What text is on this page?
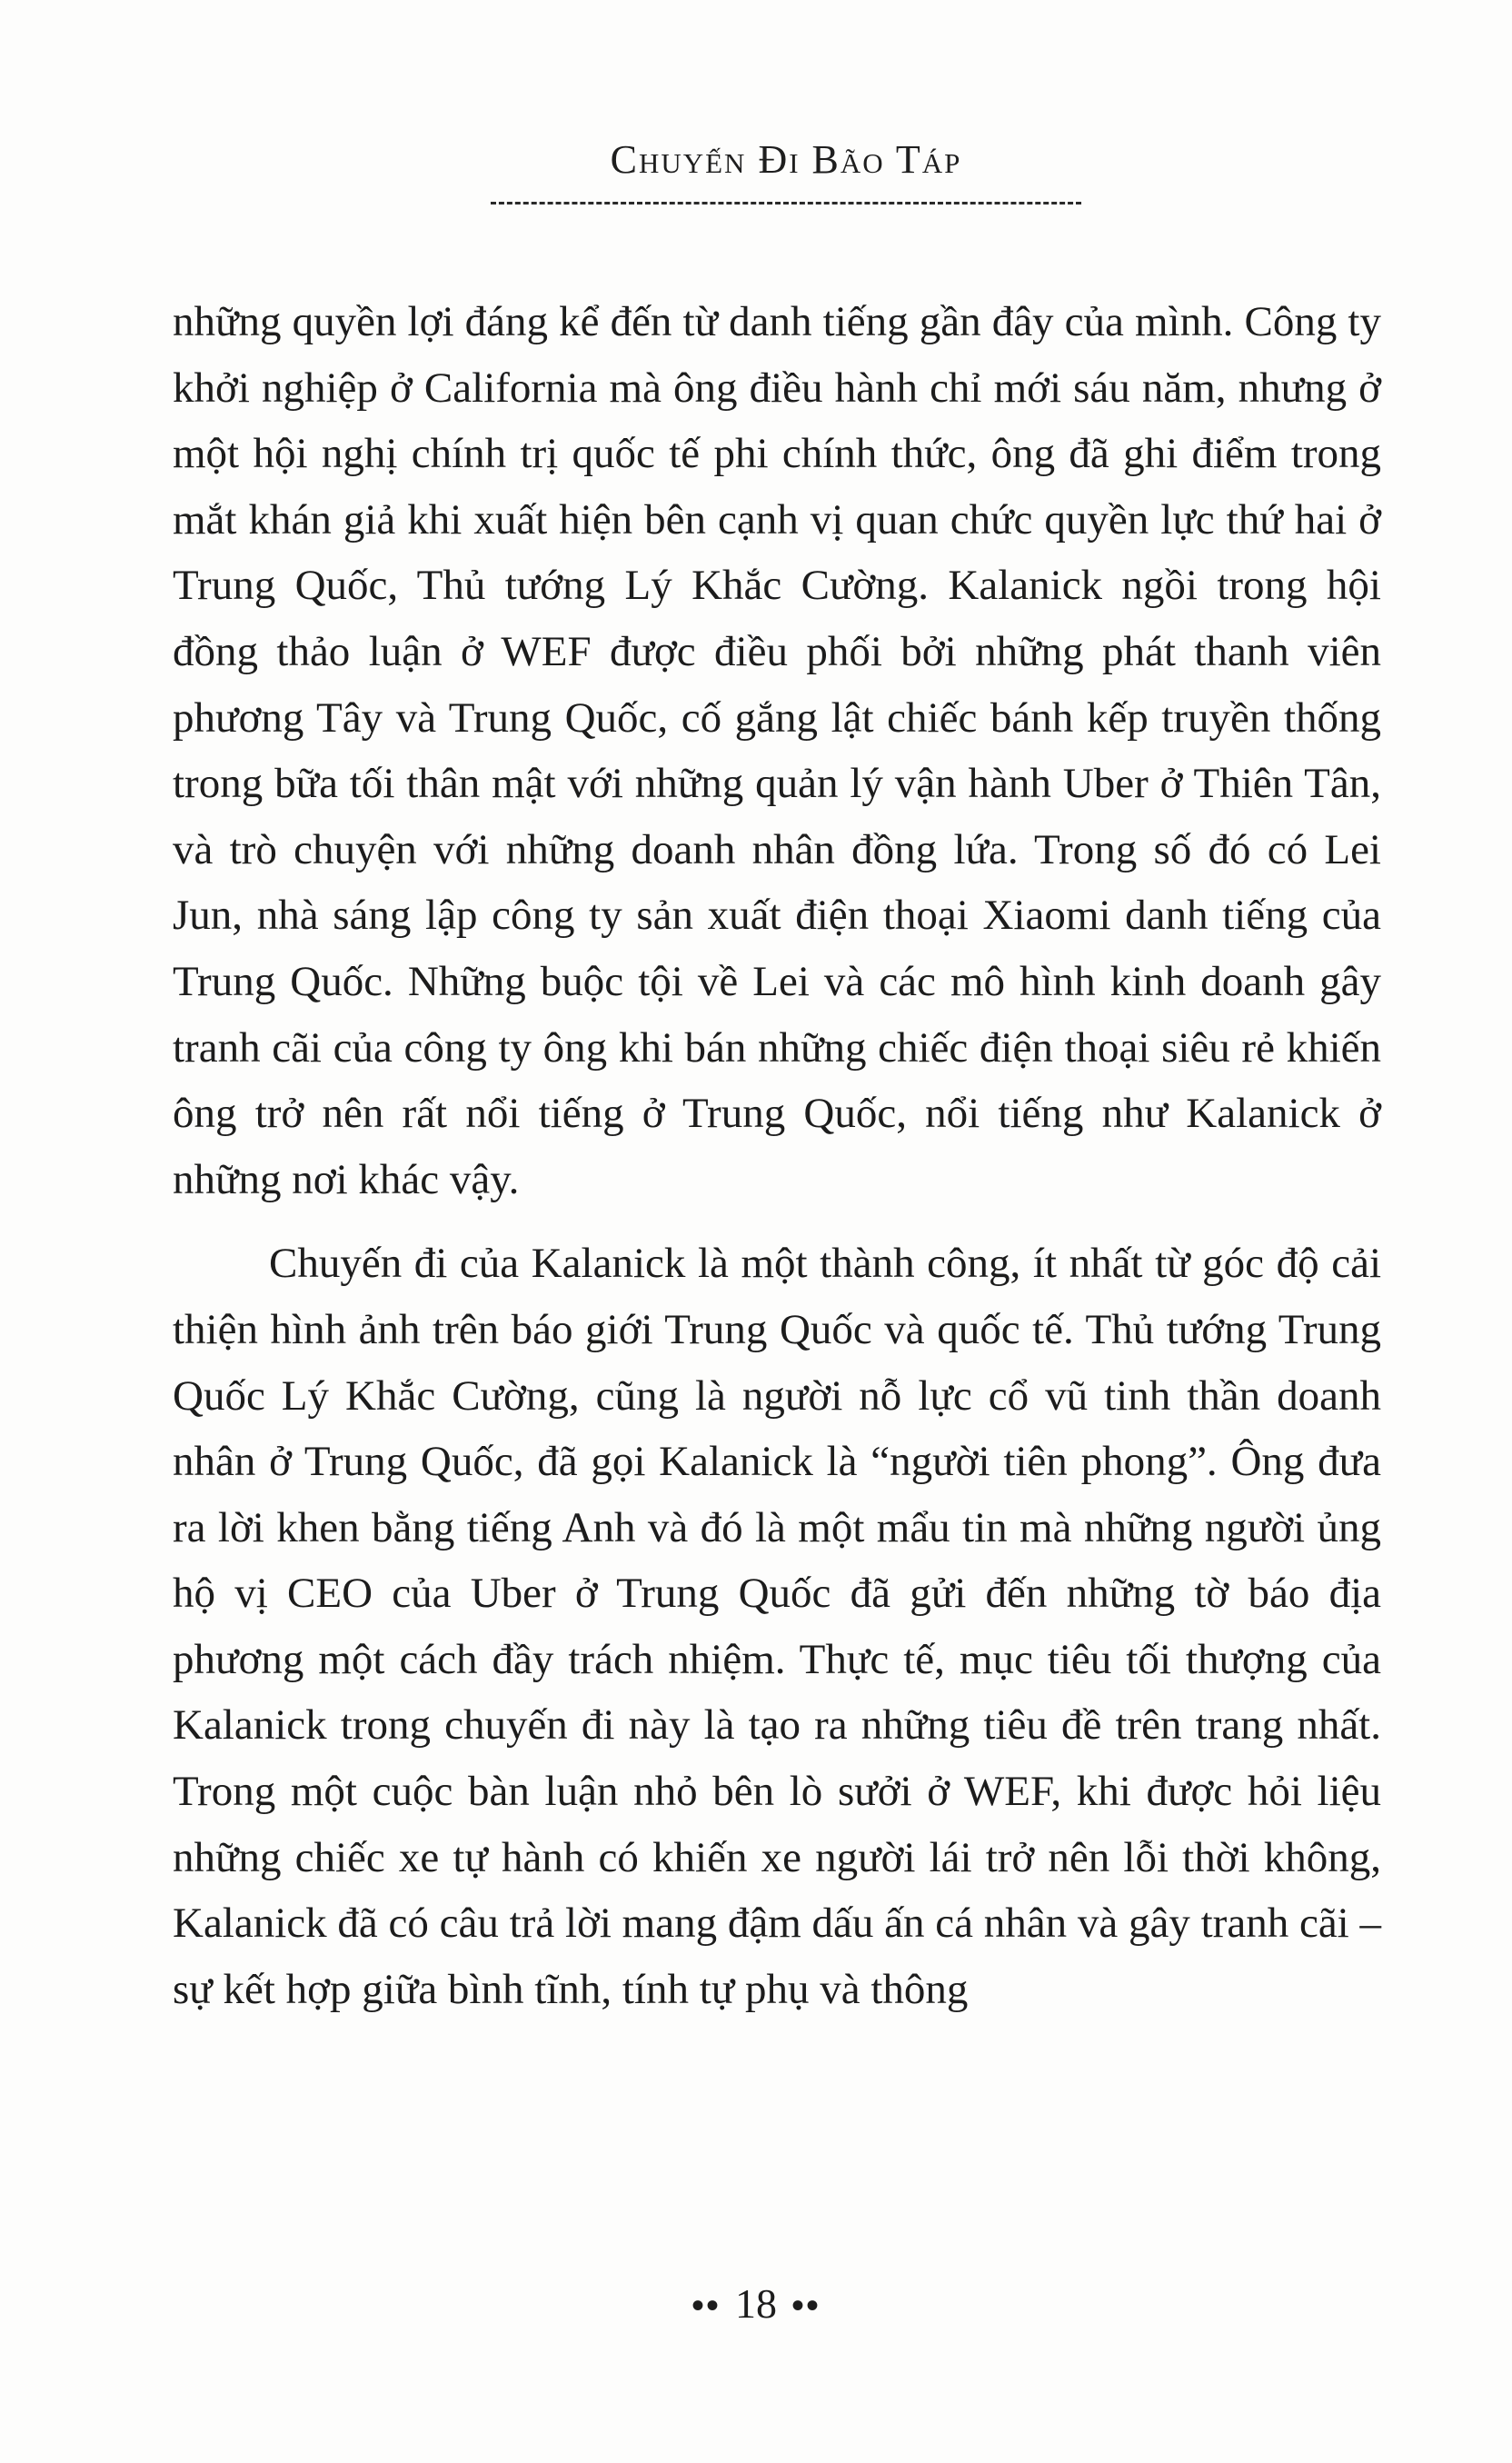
Chuyến Đi Bão Táp

những quyền lợi đáng kể đến từ danh tiếng gần đây của mình. Công ty khởi nghiệp ở California mà ông điều hành chỉ mới sáu năm, nhưng ở một hội nghị chính trị quốc tế phi chính thức, ông đã ghi điểm trong mắt khán giả khi xuất hiện bên cạnh vị quan chức quyền lực thứ hai ở Trung Quốc, Thủ tướng Lý Khắc Cường. Kalanick ngồi trong hội đồng thảo luận ở WEF được điều phối bởi những phát thanh viên phương Tây và Trung Quốc, cố gắng lật chiếc bánh kếp truyền thống trong bữa tối thân mật với những quản lý vận hành Uber ở Thiên Tân, và trò chuyện với những doanh nhân đồng lứa. Trong số đó có Lei Jun, nhà sáng lập công ty sản xuất điện thoại Xiaomi danh tiếng của Trung Quốc. Những buộc tội về Lei và các mô hình kinh doanh gây tranh cãi của công ty ông khi bán những chiếc điện thoại siêu rẻ khiến ông trở nên rất nổi tiếng ở Trung Quốc, nổi tiếng như Kalanick ở những nơi khác vậy.

Chuyến đi của Kalanick là một thành công, ít nhất từ góc độ cải thiện hình ảnh trên báo giới Trung Quốc và quốc tế. Thủ tướng Trung Quốc Lý Khắc Cường, cũng là người nỗ lực cổ vũ tinh thần doanh nhân ở Trung Quốc, đã gọi Kalanick là “người tiên phong”. Ông đưa ra lời khen bằng tiếng Anh và đó là một mẩu tin mà những người ủng hộ vị CEO của Uber ở Trung Quốc đã gửi đến những tờ báo địa phương một cách đầy trách nhiệm. Thực tế, mục tiêu tối thượng của Kalanick trong chuyến đi này là tạo ra những tiêu đề trên trang nhất. Trong một cuộc bàn luận nhỏ bên lò sưởi ở WEF, khi được hỏi liệu những chiếc xe tự hành có khiến xe người lái trở nên lỗi thời không, Kalanick đã có câu trả lời mang đậm dấu ấn cá nhân và gây tranh cãi – sự kết hợp giữa bình tĩnh, tính tự phụ và thông

•• 18 ••
